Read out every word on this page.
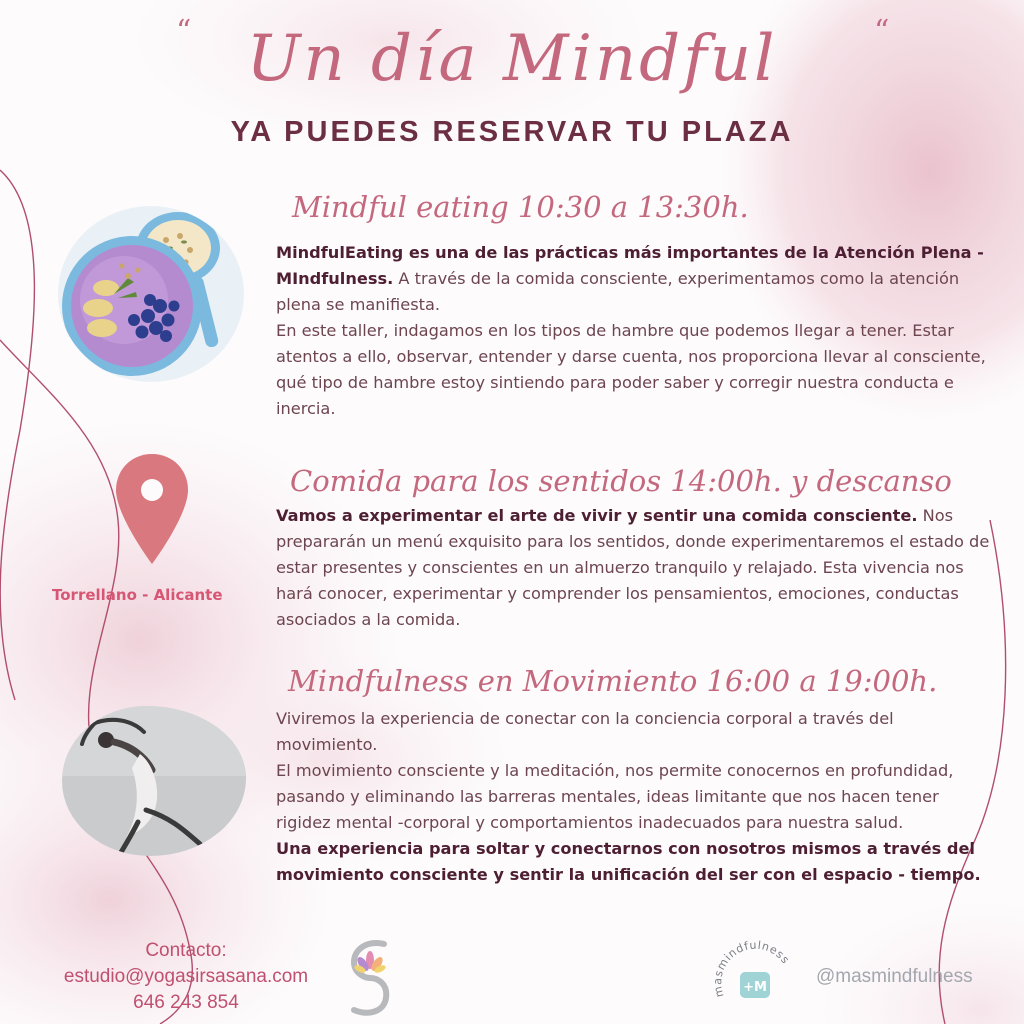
“ Un día Mindful	“
YA PUEDES RESERVAR TU PLAZA
Mindful eating 10:30 a 13:30h.

MindfulEating es una de las prácticas más importantes de la Atención Plena - MIndfulness. A través de la comida consciente, experimentamos como la atención plena se manifiesta.

En este taller, indagamos en los tipos de hambre que podemos llegar a tener. Estar atentos a ello, observar, entender y darse cuenta, nos proporciona llevar al consciente, qué tipo de hambre estoy sintiendo para poder saber y corregir nuestra conducta e inercia.

Torrellano - Alicante
Comida para los sentidos 14:00h. y descanso

Vamos a experimentar el arte de vivir y sentir una comida consciente. Nos prepararán un menú exquisito para los sentidos, donde experimentaremos el estado de estar presentes y conscientes en un almuerzo tranquilo y relajado. Esta vivencia nos hará conocer, experimentar y comprender los pensamientos, emociones, conductas asociados a la comida.

Mindfulness en Movimiento 16:00 a 19:00h.

Viviremos la experiencia de conectar con la conciencia corporal a través del movimiento.

El movimiento consciente y la meditación, nos permite conocernos en profundidad, pasando y eliminando las barreras mentales, ideas limitante que nos hacen tener rigidez mental -corporal y comportamientos inadecuados para nuestra salud.

Una experiencia para soltar y conectarnos con nosotros mismos a través del movimiento consciente y sentir la unificación del ser con el espacio - tiempo.

Contacto:
estudio@yogasirsasana.com
646 243 854
masmindfulness
+M
@masmindfulness
